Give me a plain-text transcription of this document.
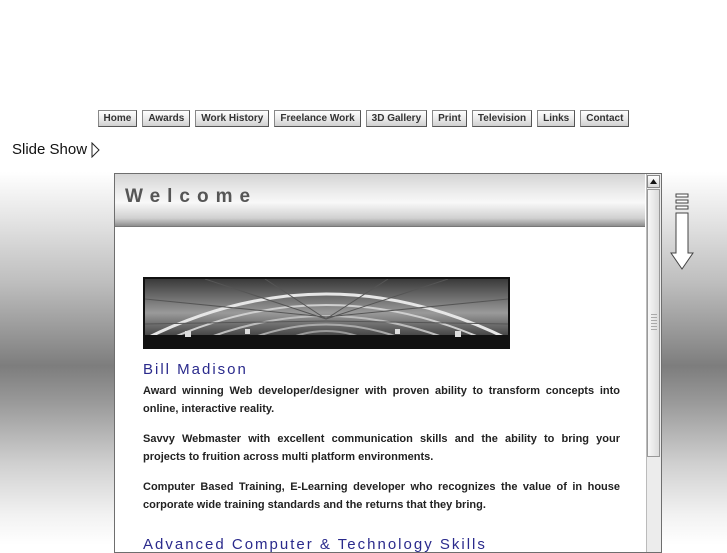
Home	Awards	Work History	Freelance Work	3D Gallery	Print	Television	Links	Contact
Slide Show
Welcome
Bill Madison

Award winning Web developer/designer with proven ability to transform concepts into online, interactive reality.

Savvy Webmaster with excellent communication skills and the ability to bring your projects to fruition across multi platform environments.

Computer Based Training, E-Learning developer who recognizes the value of in house corporate wide training standards and the returns that they bring.

Advanced Computer & Technology Skills
